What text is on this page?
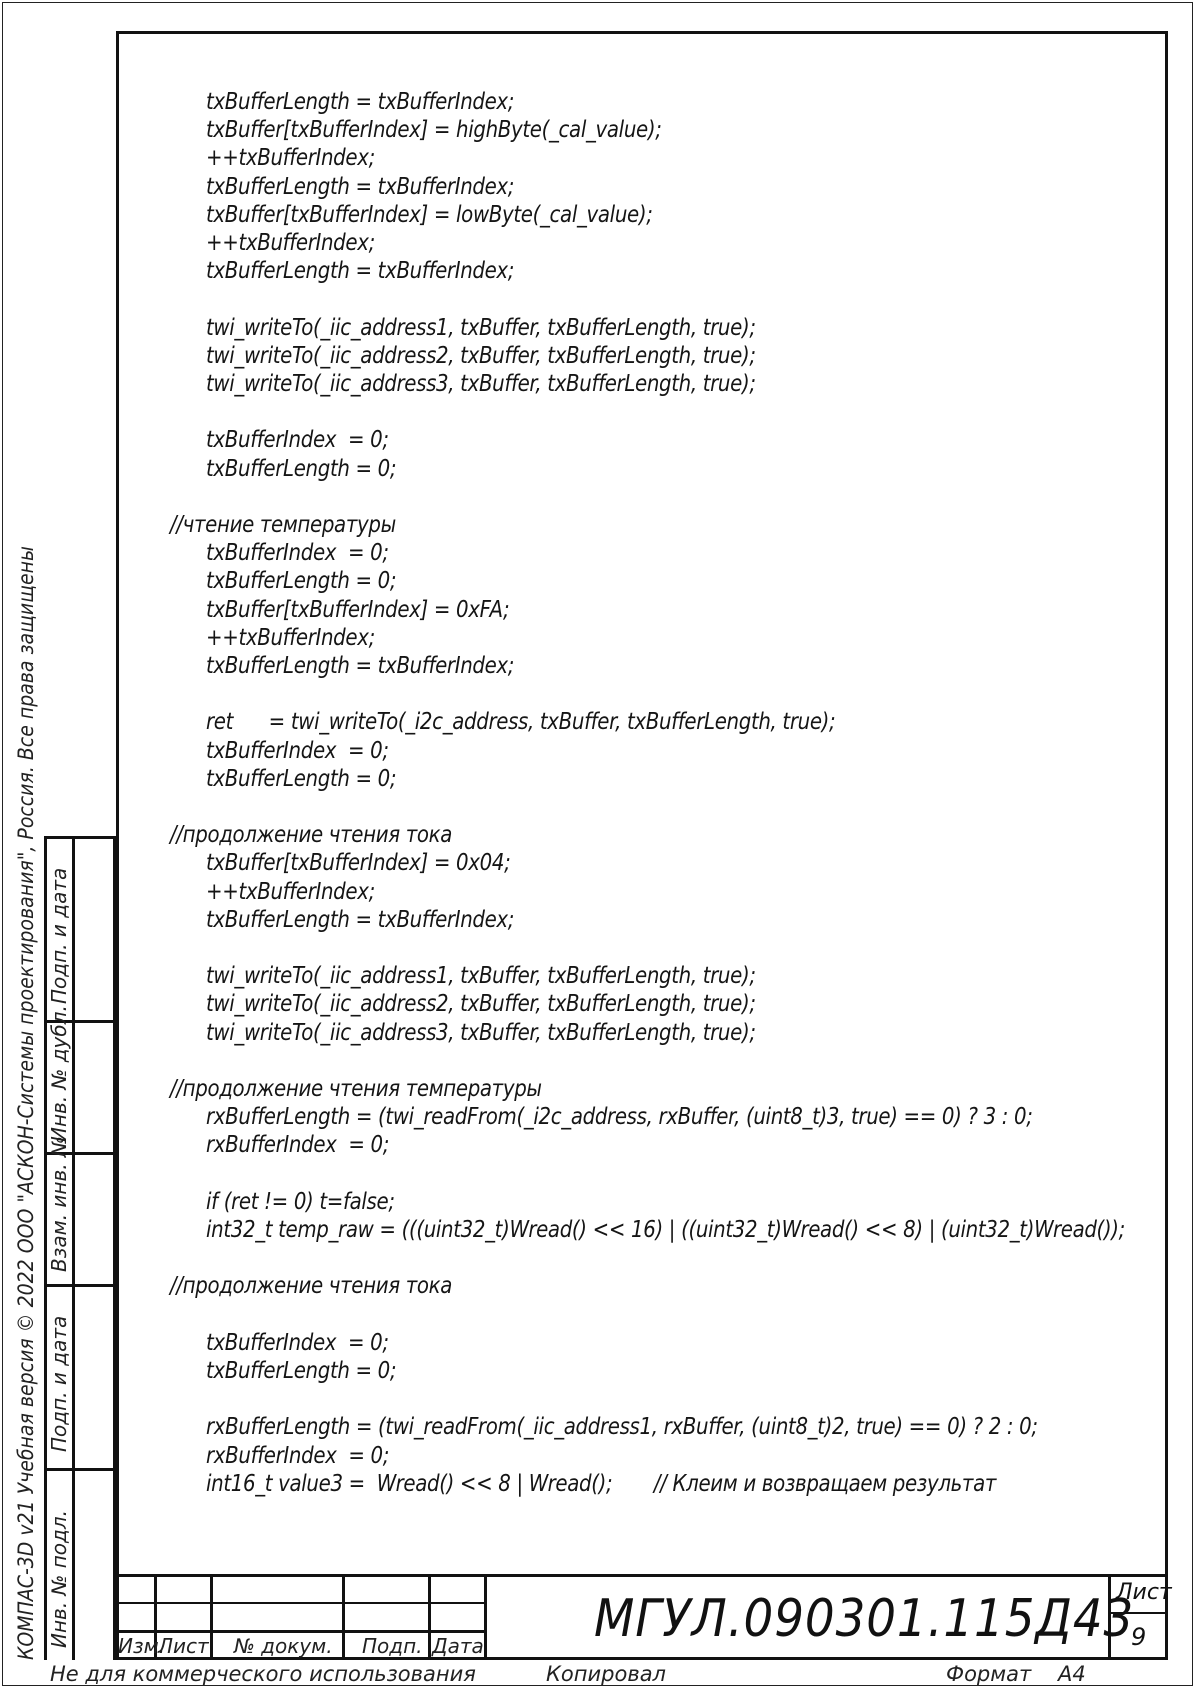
txBufferLength = txBufferIndex;
txBuffer[txBufferIndex] = highByte(_cal_value);
++txBufferIndex;
txBufferLength = txBufferIndex;
txBuffer[txBufferIndex] = lowByte(_cal_value);
++txBufferIndex;
txBufferLength = txBufferIndex;
twi_writeTo(_iic_address1, txBuffer, txBufferLength, true);
twi_writeTo(_iic_address2, txBuffer, txBufferLength, true);
twi_writeTo(_iic_address3, txBuffer, txBufferLength, true);
txBufferIndex  = 0;
txBufferLength = 0;
//чтение температуры
txBufferIndex  = 0;
txBufferLength = 0;
txBuffer[txBufferIndex] = 0xFA;
++txBufferIndex;
txBufferLength = txBufferIndex;
ret      = twi_writeTo(_i2c_address, txBuffer, txBufferLength, true);
txBufferIndex  = 0;
txBufferLength = 0;
//продолжение чтения тока
txBuffer[txBufferIndex] = 0x04;
++txBufferIndex;
txBufferLength = txBufferIndex;
twi_writeTo(_iic_address1, txBuffer, txBufferLength, true);
twi_writeTo(_iic_address2, txBuffer, txBufferLength, true);
twi_writeTo(_iic_address3, txBuffer, txBufferLength, true);
//продолжение чтения температуры
rxBufferLength = (twi_readFrom(_i2c_address, rxBuffer, (uint8_t)3, true) == 0) ? 3 : 0;
rxBufferIndex  = 0;
if (ret != 0) t=false;
int32_t temp_raw = (((uint32_t)Wread() << 16) | ((uint32_t)Wread() << 8) | (uint32_t)Wread());
//продолжение чтения тока
txBufferIndex  = 0;
txBufferLength = 0;
rxBufferLength = (twi_readFrom(_iic_address1, rxBuffer, (uint8_t)2, true) == 0) ? 2 : 0;
rxBufferIndex  = 0;
int16_t value3 =  Wread() << 8 | Wread();       // Клеим и возвращаем результат
Подп. и дата
Инв. № дубл.
Взам. инв. №
Подп. и дата
Инв. № подл.
КОМПАС-3D v21 Учебная версия © 2022 ООО "АСКОН-Системы проектирования", Россия. Все права защищены	Изм.
Лист № докум. Подп. Дата МГУЛ.090301.115Д43
Лист
9
Не для коммерческого использования	Копировал	Формат А4
